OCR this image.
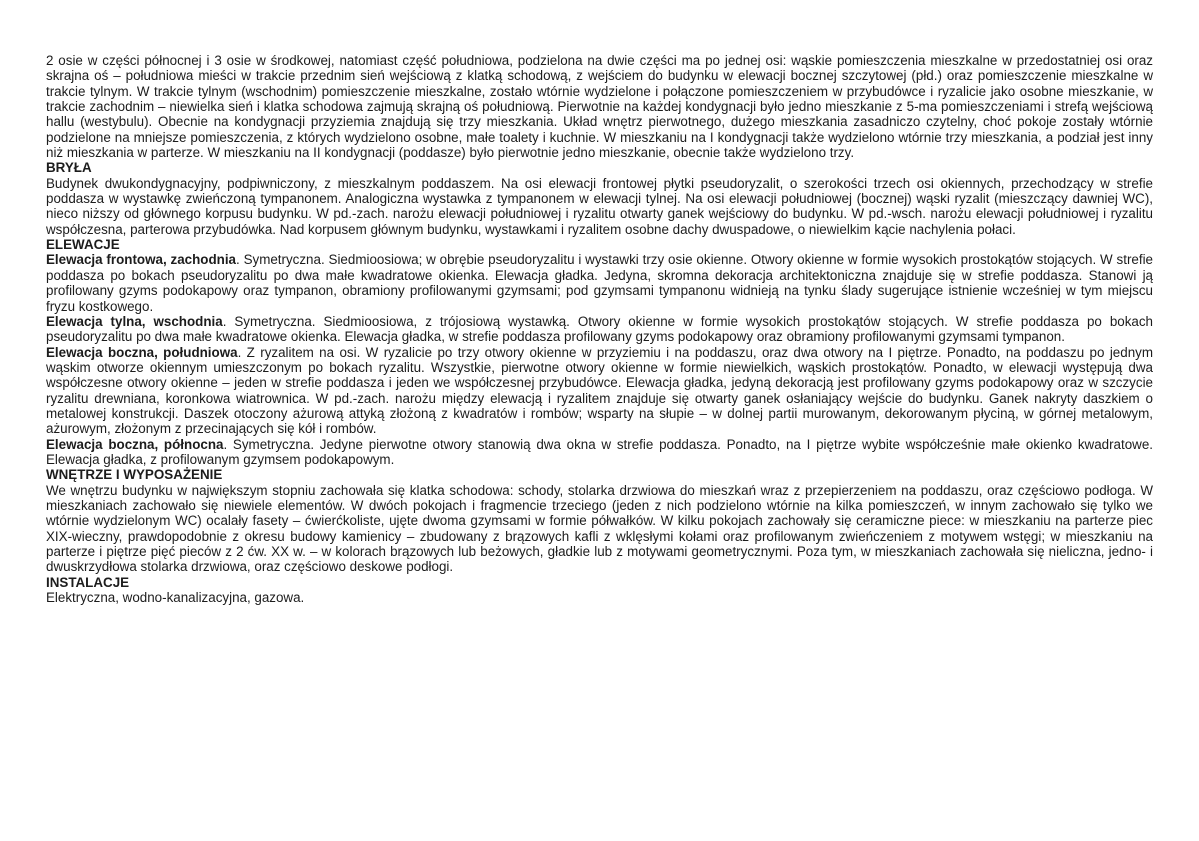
2 osie w części północnej i 3 osie w środkowej, natomiast część południowa, podzielona na dwie części ma po jednej osi: wąskie pomieszczenia mieszkalne w przedostatniej osi oraz skrajna oś – południowa mieści w trakcie przednim sień wejściową z klatką schodową, z wejściem do budynku w elewacji bocznej szczytowej (płd.) oraz pomieszczenie mieszkalne w trakcie tylnym. W trakcie tylnym (wschodnim) pomieszczenie mieszkalne, zostało wtórnie wydzielone i połączone pomieszczeniem w przybudówce i ryzalicie jako osobne mieszkanie, w trakcie zachodnim – niewielka sień i klatka schodowa zajmują skrajną oś południową. Pierwotnie na każdej kondygnacji było jedno mieszkanie z 5-ma pomieszczeniami i strefą wejściową hallu (westybulu). Obecnie na kondygnacji przyziemia znajdują się trzy mieszkania. Układ wnętrz pierwotnego, dużego mieszkania zasadniczo czytelny, choć pokoje zostały wtórnie podzielone na mniejsze pomieszczenia, z których wydzielono osobne, małe toalety i kuchnie. W mieszkaniu na I kondygnacji także wydzielono wtórnie trzy mieszkania, a podział jest inny niż mieszkania w parterze. W mieszkaniu na II kondygnacji (poddasze) było pierwotnie jedno mieszkanie, obecnie także wydzielono trzy.

BRYŁA

Budynek dwukondygnacyjny, podpiwniczony, z mieszkalnym poddaszem. Na osi elewacji frontowej płytki pseudoryzalit, o szerokości trzech osi okiennych, przechodzący w strefie poddasza w wystawkę zwieńczoną tympanonem. Analogiczna wystawka z tympanonem w elewacji tylnej. Na osi elewacji południowej (bocznej) wąski ryzalit (mieszczący dawniej WC), nieco niższy od głównego korpusu budynku. W pd.-zach. narożu elewacji południowej i ryzalitu otwarty ganek wejściowy do budynku. W pd.-wsch. narożu elewacji południowej i ryzalitu współczesna, parterowa przybudówka. Nad korpusem głównym budynku, wystawkami i ryzalitem osobne dachy dwuspadowe, o niewielkim kącie nachylenia połaci.

ELEWACJE

Elewacja frontowa, zachodnia. Symetryczna. Siedmioosiowa; w obrębie pseudoryzalitu i wystawki trzy osie okienne. Otwory okienne w formie wysokich prostokątów stojących. W strefie poddasza po bokach pseudoryzalitu po dwa małe kwadratowe okienka. Elewacja gładka. Jedyna, skromna dekoracja architektoniczna znajduje się w strefie poddasza. Stanowi ją profilowany gzyms podokapowy oraz tympanon, obramiony profilowanymi gzymsami; pod gzymsami tympanonu widnieją na tynku ślady sugerujące istnienie wcześniej w tym miejscu fryzu kostkowego.

Elewacja tylna, wschodnia. Symetryczna. Siedmioosiowa, z trójosiową wystawką. Otwory okienne w formie wysokich prostokątów stojących. W strefie poddasza po bokach pseudoryzalitu po dwa małe kwadratowe okienka. Elewacja gładka, w strefie poddasza profilowany gzyms podokapowy oraz obramiony profilowanymi gzymsami tympanon.

Elewacja boczna, południowa. Z ryzalitem na osi. W ryzalicie po trzy otwory okienne w przyziemiu i na poddaszu, oraz dwa otwory na I piętrze. Ponadto, na poddaszu po jednym wąskim otworze okiennym umieszczonym po bokach ryzalitu. Wszystkie, pierwotne otwory okienne w formie niewielkich, wąskich prostokątów. Ponadto, w elewacji występują dwa współczesne otwory okienne – jeden w strefie poddasza i jeden we współczesnej przybudówce. Elewacja gładka, jedyną dekoracją jest profilowany gzyms podokapowy oraz w szczycie ryzalitu drewniana, koronkowa wiatrownica. W pd.-zach. narożu między elewacją i ryzalitem znajduje się otwarty ganek osłaniający wejście do budynku. Ganek nakryty daszkiem o metalowej konstrukcji. Daszek otoczony ażurową attyką złożoną z kwadratów i rombów; wsparty na słupie – w dolnej partii murowanym, dekorowanym płyciną, w górnej metalowym, ażurowym, złożonym z przecinających się kół i rombów.

Elewacja boczna, północna. Symetryczna. Jedyne pierwotne otwory stanowią dwa okna w strefie poddasza. Ponadto, na I piętrze wybite współcześnie małe okienko kwadratowe. Elewacja gładka, z profilowanym gzymsem podokapowym.

WNĘTRZE I WYPOSAŻENIE

We wnętrzu budynku w największym stopniu zachowała się klatka schodowa: schody, stolarka drzwiowa do mieszkań wraz z przepierzeniem na poddaszu, oraz częściowo podłoga. W mieszkaniach zachowało się niewiele elementów. W dwóch pokojach i fragmencie trzeciego (jeden z nich podzielono wtórnie na kilka pomieszczeń, w innym zachowało się tylko we wtórnie wydzielonym WC) ocalały fasety – ćwierćkoliste, ujęte dwoma gzymsami w formie półwałków. W kilku pokojach zachowały się ceramiczne piece: w mieszkaniu na parterze piec XIX-wieczny, prawdopodobnie z okresu budowy kamienicy – zbudowany z brązowych kafli z wklęsłymi kołami oraz profilowanym zwieńczeniem z motywem wstęgi; w mieszkaniu na parterze i piętrze pięć pieców z 2 ćw. XX w. – w kolorach brązowych lub beżowych, gładkie lub z motywami geometrycznymi. Poza tym, w mieszkaniach zachowała się nieliczna, jedno- i dwuskrzydłowa stolarka drzwiowa, oraz częściowo deskowe podłogi.

INSTALACJE

Elektryczna, wodno-kanalizacyjna, gazowa.
